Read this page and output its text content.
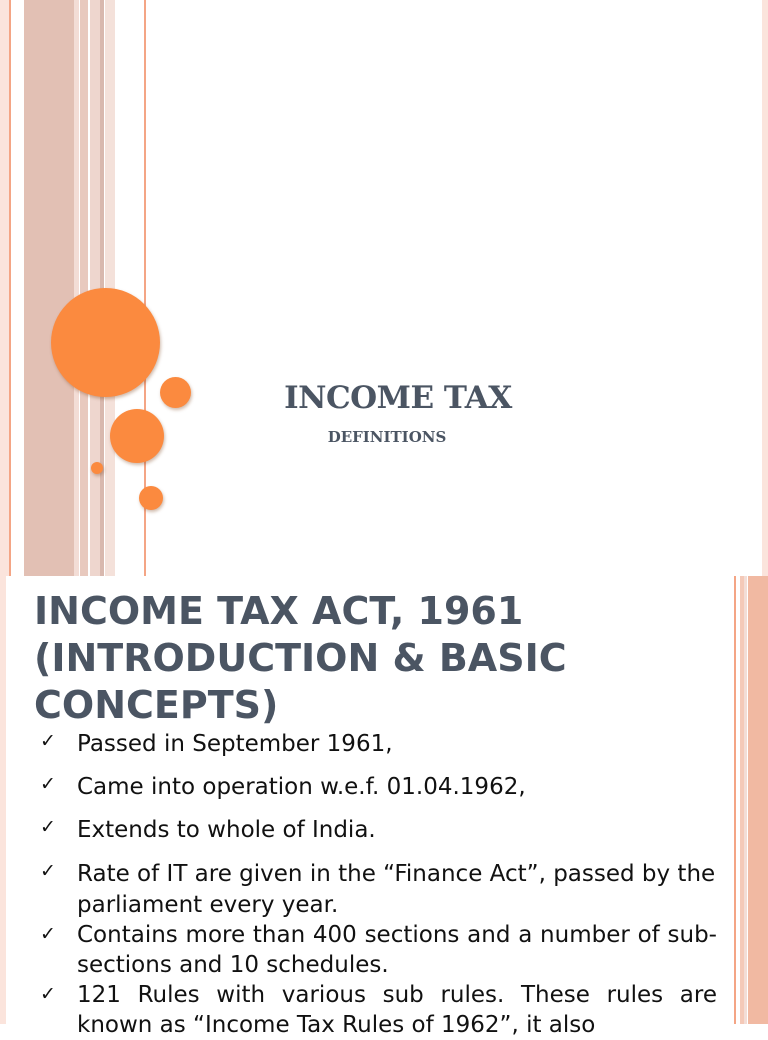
INCOME TAX
DEFINITIONS
INCOME TAX ACT, 1961 (INTRODUCTION & BASIC CONCEPTS)
✓ Passed in September 1961,
✓ Came into operation w.e.f. 01.04.1962,
✓ Extends to whole of India.
✓ Rate of IT are given in the “Finance Act”, passed by the parliament every year.
✓ Contains more than 400 sections and a number of sub-sections and 10 schedules.
✓ 121 Rules with various sub rules. These rules are known as “Income Tax Rules of 1962”, it also
